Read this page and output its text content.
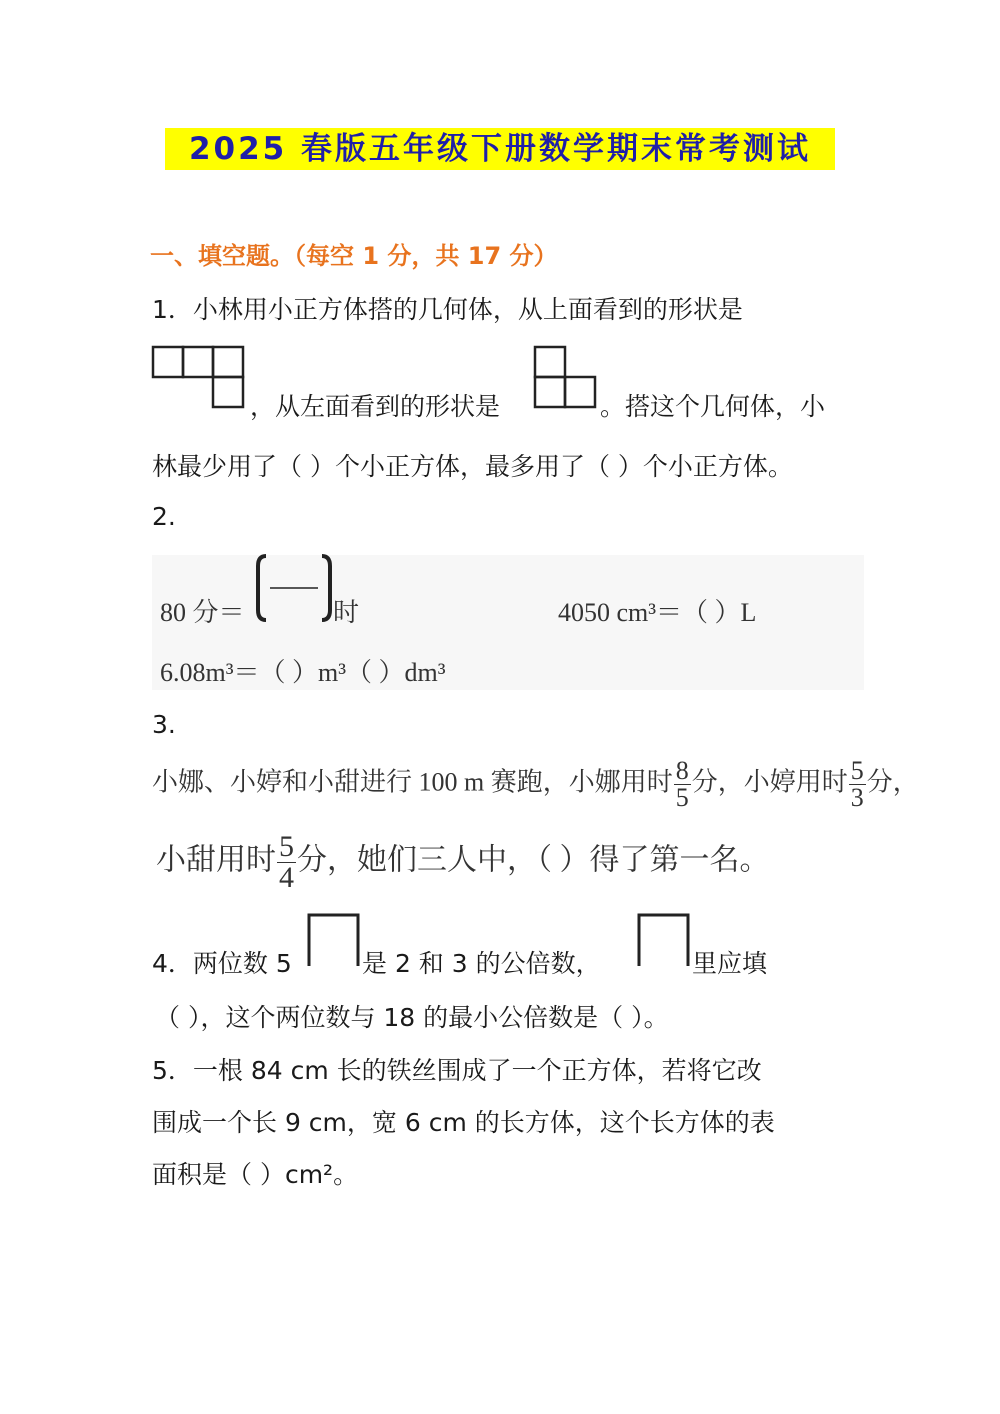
2025 春版五年级下册数学期末常考测试
一、填空题。（每空 1 分，共 17 分）
1．小林用小正方体搭的几何体，从上面看到的形状是
，从左面看到的形状是	。搭这个几何体，小
林最少用了（ ）个小正方体，最多用了（ ）个小正方体。
2.
80 分＝	时	4050 cm³＝（ ）L
6.08m³＝（ ）m³（ ）dm³
3.
小娜、小婷和小甜进行 100 m 赛跑，小娜用时 $\frac{8}{5}$ 分，小婷用时 $\frac{5}{3}$ 分，
小甜用时 $\frac{5}{4}$ 分，她们三人中，（ ）得了第一名。
4．两位数 5	是 2 和 3 的公倍数，	里应填
（ ），这个两位数与 18 的最小公倍数是（ ）。
5．一根 84 cm 长的铁丝围成了一个正方体，若将它改
围成一个长 9 cm，宽 6 cm 的长方体，这个长方体的表
面积是（ ）cm²。
